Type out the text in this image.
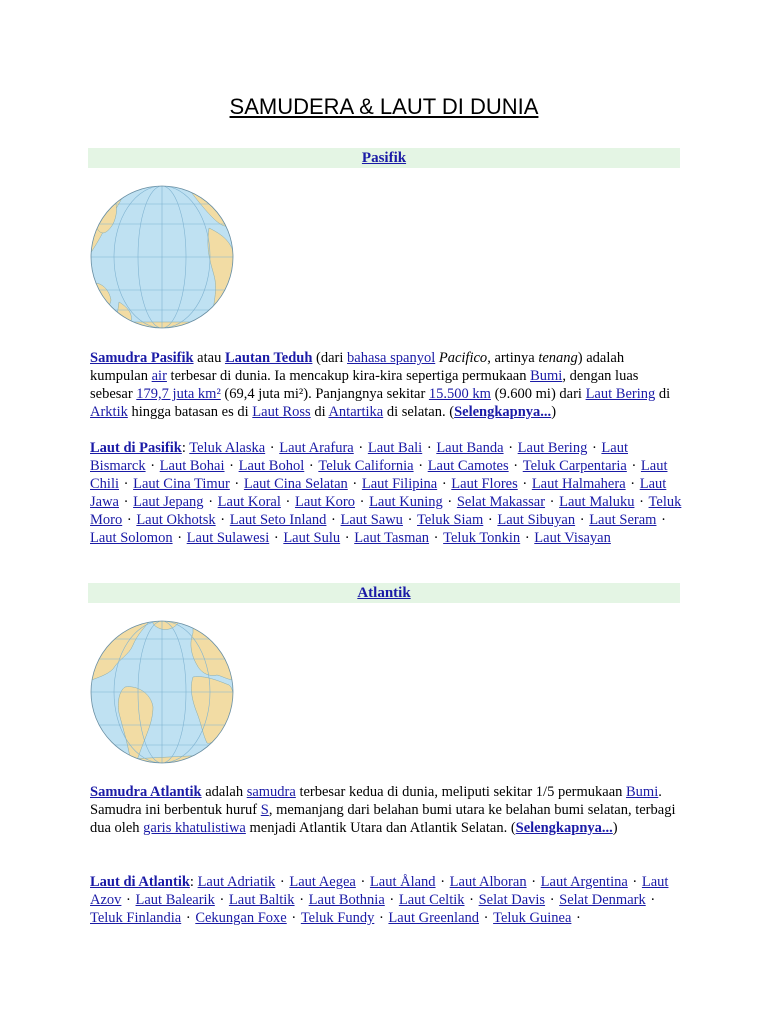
SAMUDERA & LAUT DI DUNIA
Pasifik

Samudra Pasifik atau Lautan Teduh (dari bahasa spanyol Pacifico, artinya tenang) adalah kumpulan air terbesar di dunia. Ia mencakup kira-kira sepertiga permukaan Bumi, dengan luas sebesar 179,7 juta km² (69,4 juta mi²). Panjangnya sekitar 15.500 km (9.600 mi) dari Laut Bering di Arktik hingga batasan es di Laut Ross di Antartika di selatan. (Selengkapnya...)

Laut di Pasifik: Teluk Alaska · Laut Arafura · Laut Bali · Laut Banda · Laut Bering · Laut Bismarck · Laut Bohai · Laut Bohol · Teluk California · Laut Camotes · Teluk Carpentaria · Laut Chili · Laut Cina Timur · Laut Cina Selatan · Laut Filipina · Laut Flores · Laut Halmahera · Laut Jawa · Laut Jepang · Laut Koral · Laut Koro · Laut Kuning · Selat Makassar · Laut Maluku · Teluk Moro · Laut Okhotsk · Laut Seto Inland · Laut Sawu · Teluk Siam · Laut Sibuyan · Laut Seram · Laut Solomon · Laut Sulawesi · Laut Sulu · Laut Tasman · Teluk Tonkin · Laut Visayan

Atlantik

Samudra Atlantik adalah samudra terbesar kedua di dunia, meliputi sekitar 1/5 permukaan Bumi. Samudra ini berbentuk huruf S, memanjang dari belahan bumi utara ke belahan bumi selatan, terbagi dua oleh garis khatulistiwa menjadi Atlantik Utara dan Atlantik Selatan. (Selengkapnya...)

Laut di Atlantik: Laut Adriatik · Laut Aegea · Laut Åland · Laut Alboran · Laut Argentina · Laut Azov · Laut Balearik · Laut Baltik · Laut Bothnia · Laut Celtik · Selat Davis · Selat Denmark · Teluk Finlandia · Cekungan Foxe · Teluk Fundy · Laut Greenland · Teluk Guinea ·
